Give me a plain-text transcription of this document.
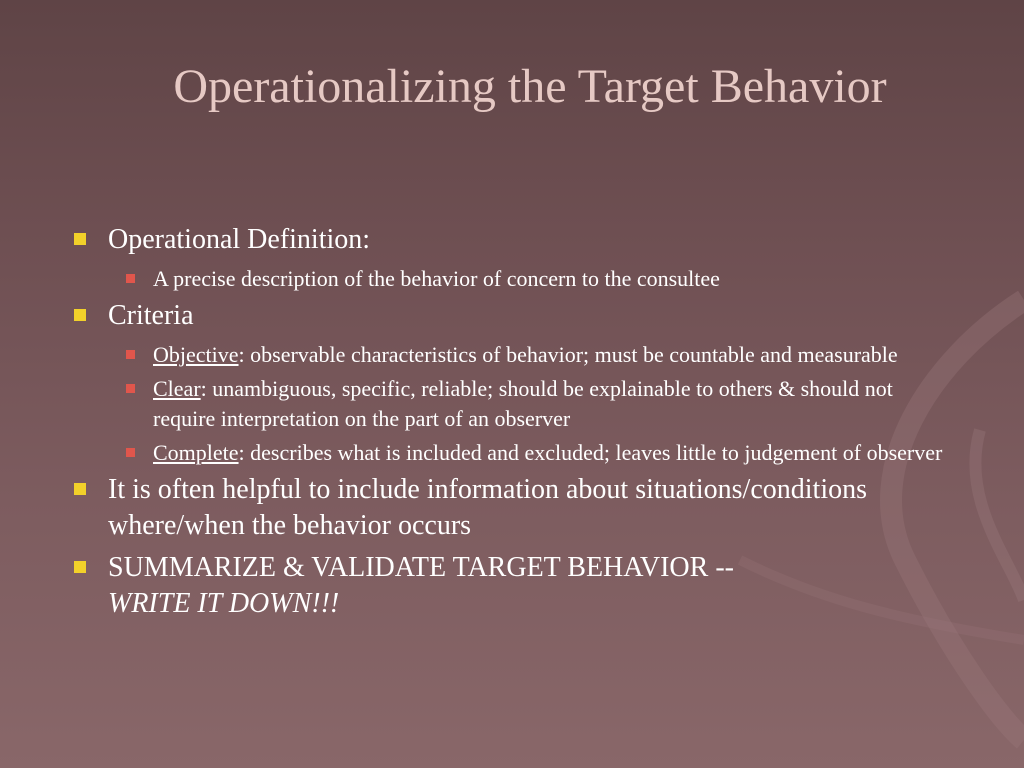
Operationalizing the Target Behavior
Operational Definition:
A precise description of the behavior of concern to the consultee
Criteria
Objective: observable characteristics of behavior; must be countable and measurable
Clear: unambiguous, specific, reliable; should be explainable to others & should not require interpretation on the part of an observer
Complete: describes what is included and excluded; leaves little to judgement of observer
It is often helpful to include information about situations/conditions where/when the behavior occurs
SUMMARIZE & VALIDATE TARGET BEHAVIOR --
WRITE IT DOWN!!!
